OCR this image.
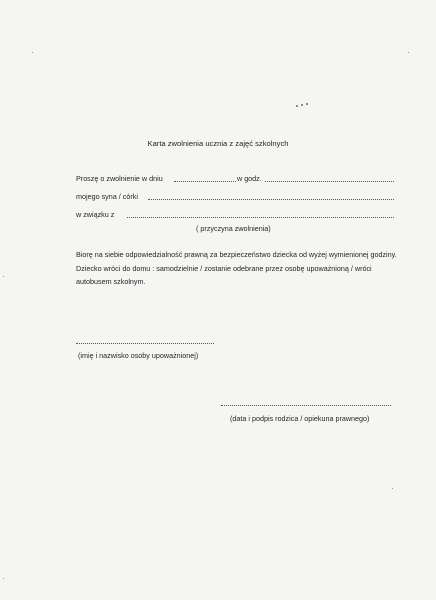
Karta zwolnienia ucznia z zajęć szkolnych
Proszę o zwolnienie w dniu	w godz.
mojego syna / córki
w związku z
( przyczyna zwolnienia)
Biorę na siebie odpowiedzialność prawną za bezpieczeństwo dziecka od wyżej wymienionej godziny. Dziecko wróci do domu : samodzielnie / zostanie odebrane przez osobę upoważnioną / wróci autobusem szkolnym.
(imię i nazwisko osoby upoważnionej)
(data i podpis rodzica / opiekuna prawnego)
